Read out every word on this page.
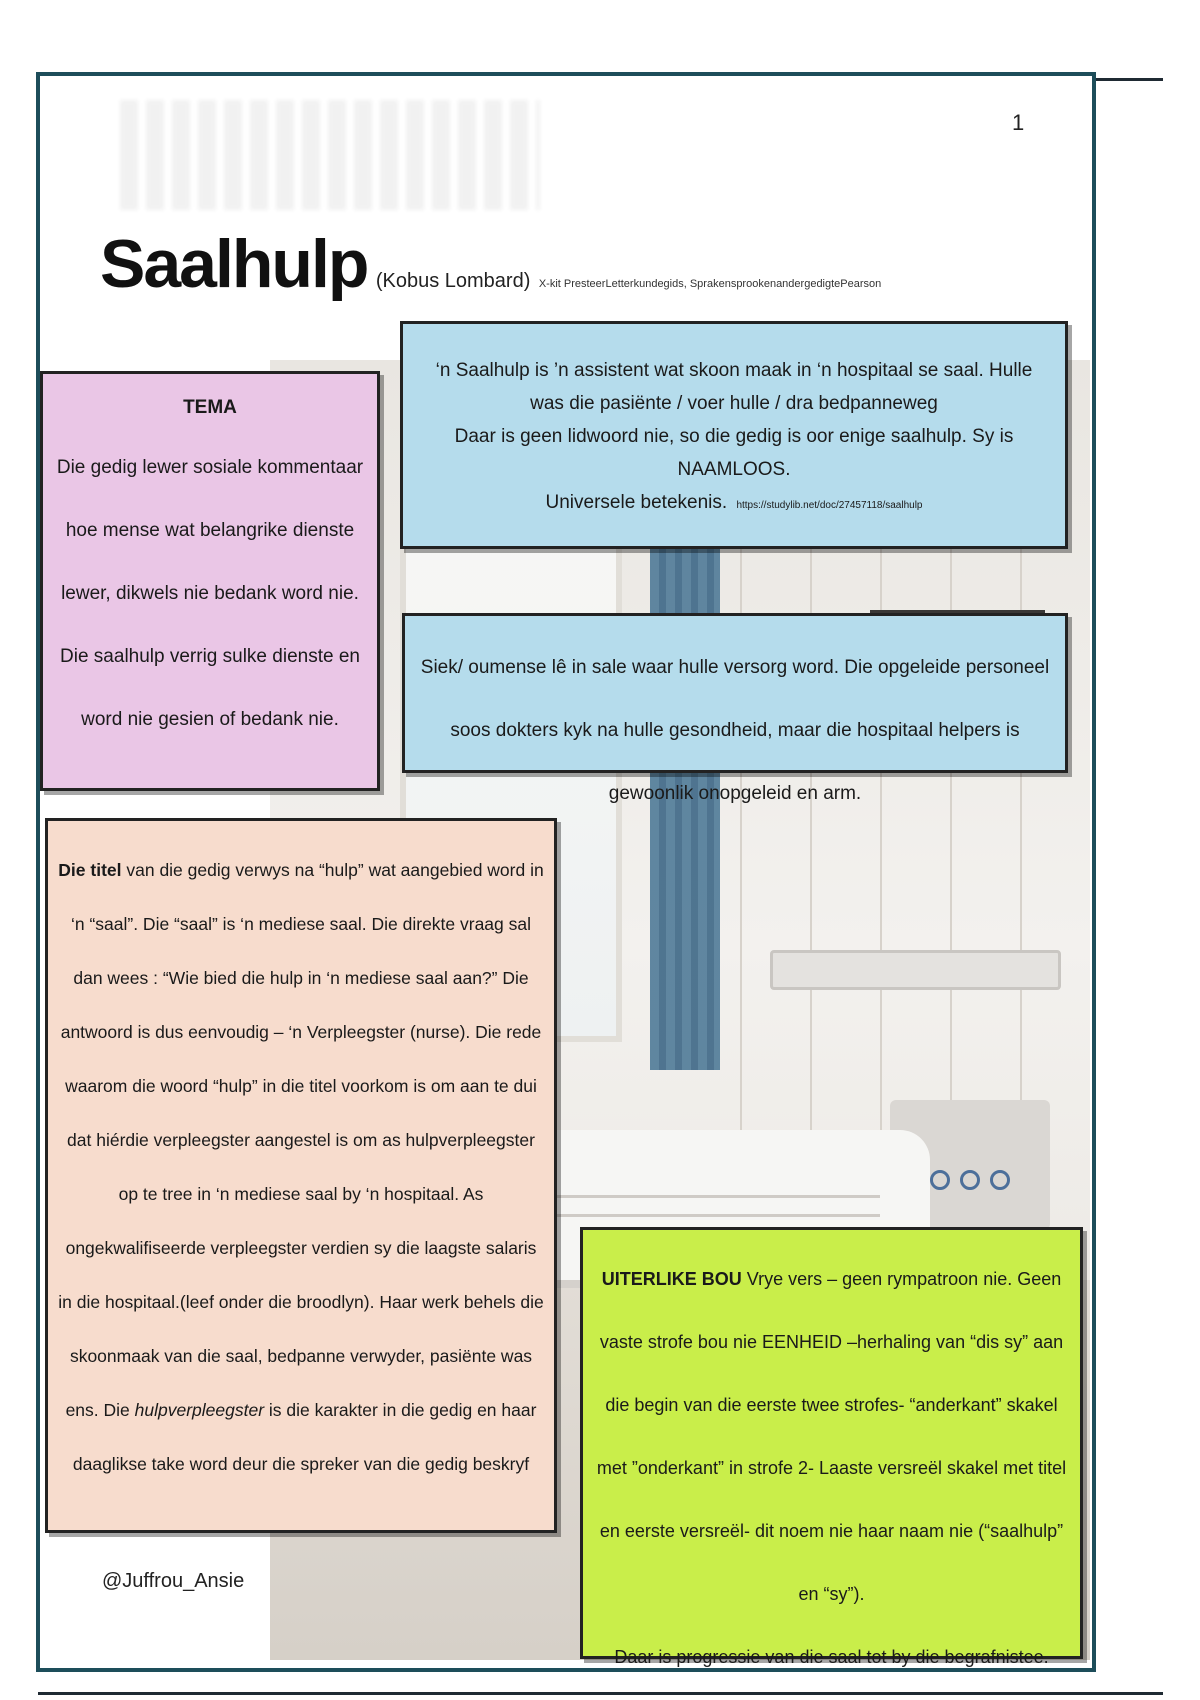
1
Saalhulp (Kobus Lombard) X-kit PresteerLetterkundegids, SprakensprookenandergedigtePearson
‘n Saalhulp is ’n assistent wat skoon maak in ‘n hospitaal se saal. Hulle was die pasiënte / voer hulle / dra bedpanneweg
Daar is geen lidwoord nie, so die gedig is oor enige saalhulp. Sy is NAAMLOOS.
Universele betekenis. https://studylib.net/doc/27457118/saalhulp
TEMA
Die gedig lewer sosiale kommentaar hoe mense wat belangrike dienste lewer, dikwels nie bedank word nie. Die saalhulp verrig sulke dienste en word nie gesien of bedank nie.
Siek/ oumense lê in sale waar hulle versorg word. Die opgeleide personeel soos dokters kyk na hulle gesondheid, maar die hospitaal helpers is gewoonlik onopgeleid en arm.
Die titel van die gedig verwys na “hulp” wat aangebied word in ‘n “saal”. Die “saal” is ‘n mediese saal. Die direkte vraag sal dan wees : “Wie bied die hulp in ‘n mediese saal aan?” Die antwoord is dus eenvoudig – ‘n Verpleegster (nurse). Die rede waarom die woord “hulp” in die titel voorkom is om aan te dui dat hiérdie verpleegster aangestel is om as hulpverpleegster op te tree in ‘n mediese saal by ‘n hospitaal. As ongekwalifiseerde verpleegster verdien sy die laagste salaris in die hospitaal.(leef onder die broodlyn). Haar werk behels die skoonmaak van die saal, bedpanne verwyder, pasiënte was ens. Die hulpverpleegster is die karakter in die gedig en haar daaglikse take word deur die spreker van die gedig beskryf
UITERLIKE BOU Vrye vers – geen rympatroon nie. Geen vaste strofe bou nie EENHEID –herhaling van “dis sy” aan die begin van die eerste twee strofes- “anderkant” skakel met ”onderkant” in strofe 2- Laaste versreël skakel met titel en eerste versreël- dit noem nie haar naam nie (“saalhulp” en “sy”).
Daar is progressie van die saal tot by die begrafnistee.
@Juffrou_Ansie
